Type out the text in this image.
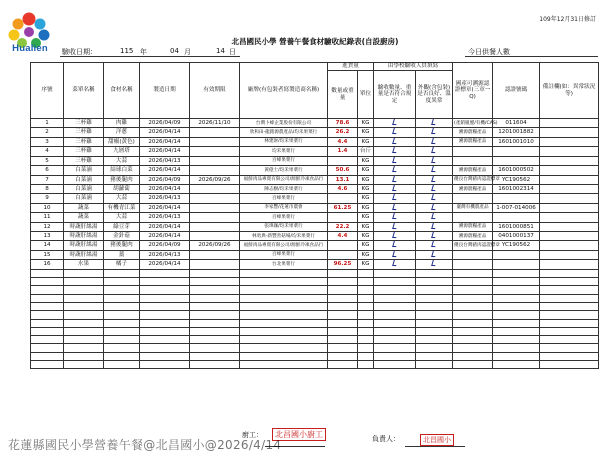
Hualien
109年12月31日修訂
北昌國民小學 營養午餐食材驗收紀錄表(自設廚房)
驗收日期：	115 年	04 月	14 日	今日供餐人數
序號	菜單名稱	食材名稱	製造日期	有效期限	廠牌(有包裝者寫製造商名稱)	進貨量		由學校驗收人員填寫		國產可溯源認證標章(三章一Q)	認證號碼	備註欄(如：異常狀況等)
						數量或重量	單位	驗收數量、重量是否符合規定	外觀(含包裝)是否良好、溫度異常			
1	三杯雞	肉雞	2026/04/09	2026/11/10	台灣卜蜂企業股份有限公司	78.6	KG			(產銷履歷/有機/CAS)	011604	
2	三杯雞	洋蔥	2026/04/14		欣和田-龍銘源農產品/均禾果菜行	26.2	KG			溯源農糧產品	1201001882	
3	三杯雞	甜椒(黃色)	2026/04/14		林建財/均禾果菜行	4.4	KG			溯源農糧產品	1601001010	
4	三杯雞	九層塔	2026/04/14		均禾果菜行	1.4	台斤					
5	三杯雞	大蒜	2026/04/13		百峰果菜行		KG					
6	白菜滷	結球白菜	2026/04/14		黃億士/均禾果菜行	50.6	KG			溯源農糧產品	1601000502	
7	白菜滷	豬後腿肉	2026/04/09	2026/09/26	福鮮肉品專賣有限公司/源鮮冷凍食品行	13.1	KG			優良台灣豬肉認證標章	YC190562	
8	白菜滷	胡蘿蔔	2026/04/14		陳志樹/均禾果菜行	4.6	KG			溯源農糧產品	1601002314	
9	白菜滷	大蒜	2026/04/13		百峰果菜行		KG					
10	蔬菜	有機青江菜	2026/04/14		李家豐/花蓮市農會	61.25	KG			臺灣有機農產品	1-007-014006	
11	蔬菜	大蒜	2026/04/13		百峰果菜行		KG					
12	時蔬肝絲湯	綠豆芽	2026/04/14		張瑋珈/均禾果菜行	22.2	KG			溯源農糧產品	1601000851	
13	時蔬肝絲湯	金針菇	2026/04/14		林勇典-新豐善菇場/均禾果菜行	4.4	KG			溯源農糧產品	0401000137	
14	時蔬肝絲湯	豬後腿肉	2026/04/09	2026/09/26	福鮮肉品專賣有限公司/源鮮冷凍食品行		KG			優良台灣豬肉認證標章	YC190562	
15	時蔬肝絲湯	薑	2026/04/13		百峰果菜行		KG					
16	水果	橘子	2026/04/14		台北果菜行	96.25	KG					

廚工：	北昌國小廚工	負責人：	北昌國小
花蓮縣國民小學營養午餐@北昌國小@2026/4/14
